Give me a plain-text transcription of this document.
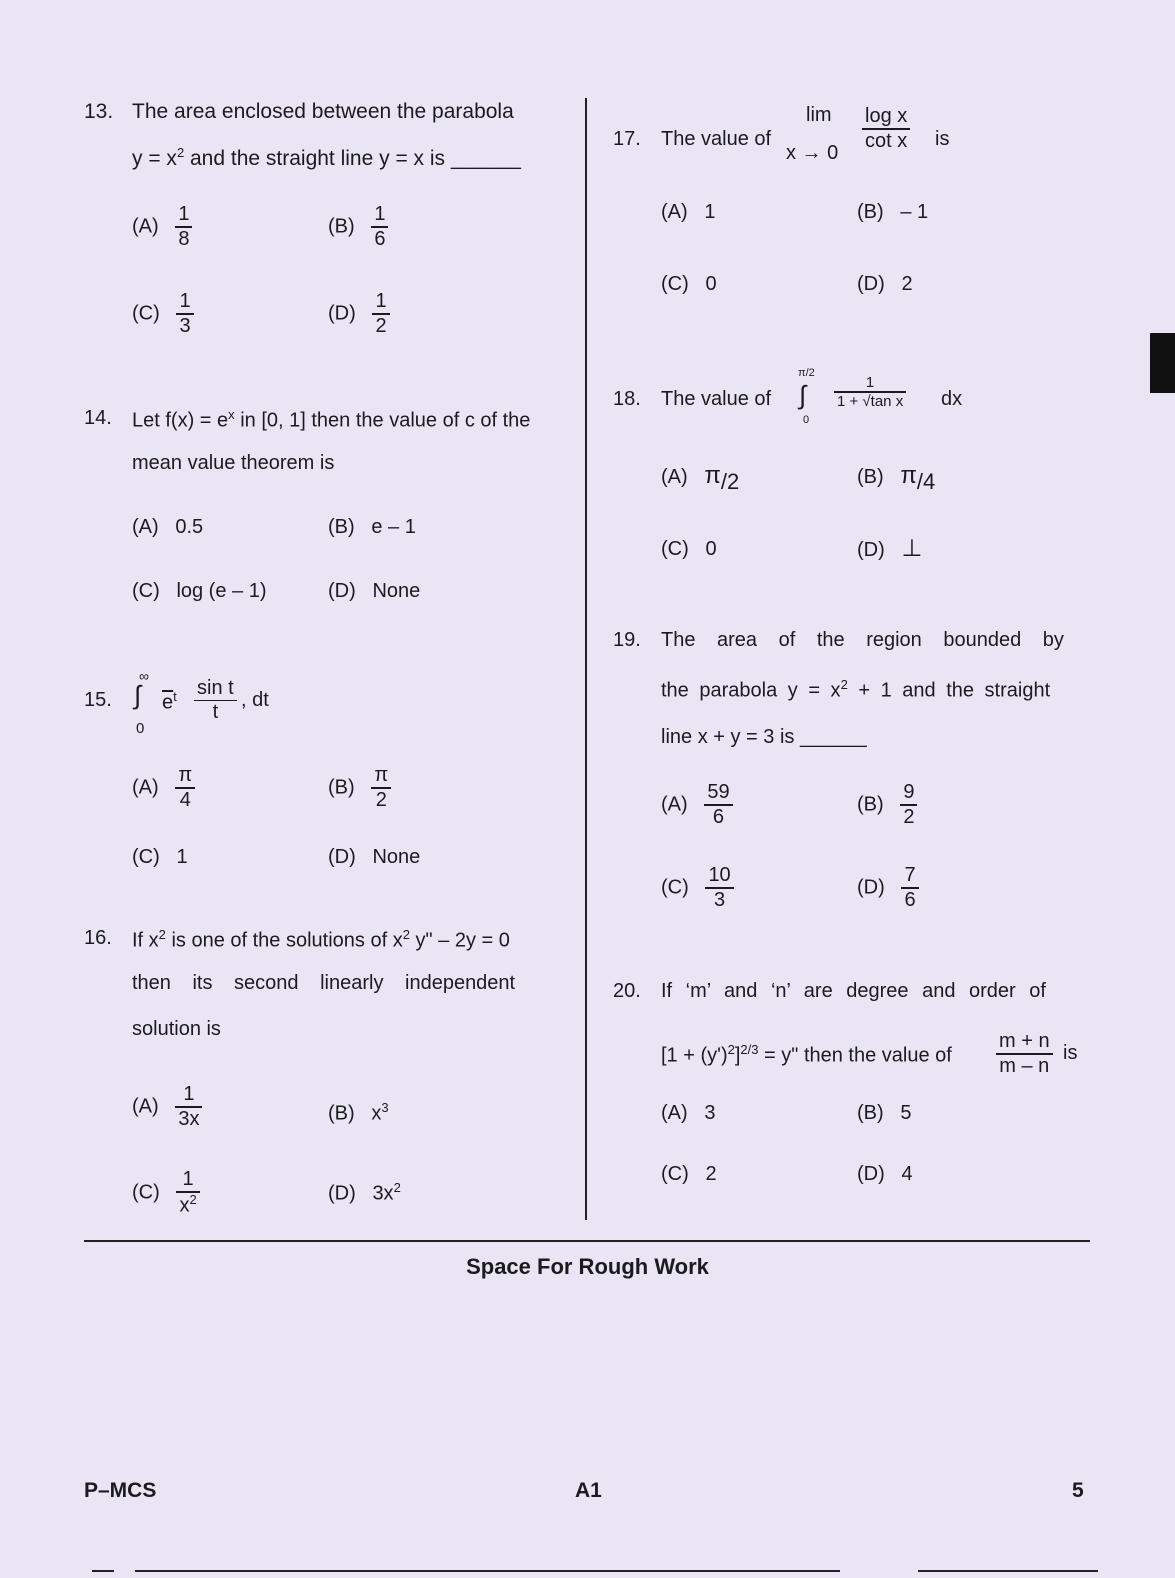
13. The area enclosed between the parabola
$y = x^2$ and the straight line y = x is ______
$(A) \frac{1}{8}$	$(B) \frac{1}{6}$
$(C) \frac{1}{3}$	$(D) \frac{1}{2}$
14. Let $f(x) = e^x$ in [0, 1] then the value of c of the
mean value theorem is
(A) 0.5	(B) e – 1
(C) log (e – 1)	(D) None
15.
∞
∫
0
$\overline{e}^t \frac{\text{sin t}}{t}$ , dt
$(A) \frac{\pi}{4}$	$(B) \frac{\pi}{2}$
(C) 1	(D) None
16. If $x^2$ is one of the solutions of $x^2$ y" – 2y = 0
then its second linearly independent
solution is
$(A) \frac{1}{3x}$	(B) $x^3$
$(C) \frac{1}{x^2}$	(D) $3x^2$
17. The value of
lim
$x \to 0 \frac{\text{log x}}{\text{cot x}}$ is
(A) 1	(B) – 1
(C) 0	(D) 2
18. The value of
π/2
∫
0
$\frac{1}{\text{1 + √tan x}}$ dx
(A) π/2	(B) π/4
(C) 0	(D) ⊥
19. The area of the region bounded by
the parabola $y = x^2 + 1$ and the straight
line x + y = 3 is ______
$(A) \frac{59}{6}$	$(B) \frac{9}{2}$
$(C) \frac{10}{3}$	$(D) \frac{7}{6}$
20. If ‘m’ and ‘n’ are degree and order of
$[1 + (y')^2]^{2/3} = y$" then the value of $\frac{m + n}{m - n}$ is
(A) 3	(B) 5
(C) 2	(D) 4
Space For Rough Work
P–MCS	A1	5
